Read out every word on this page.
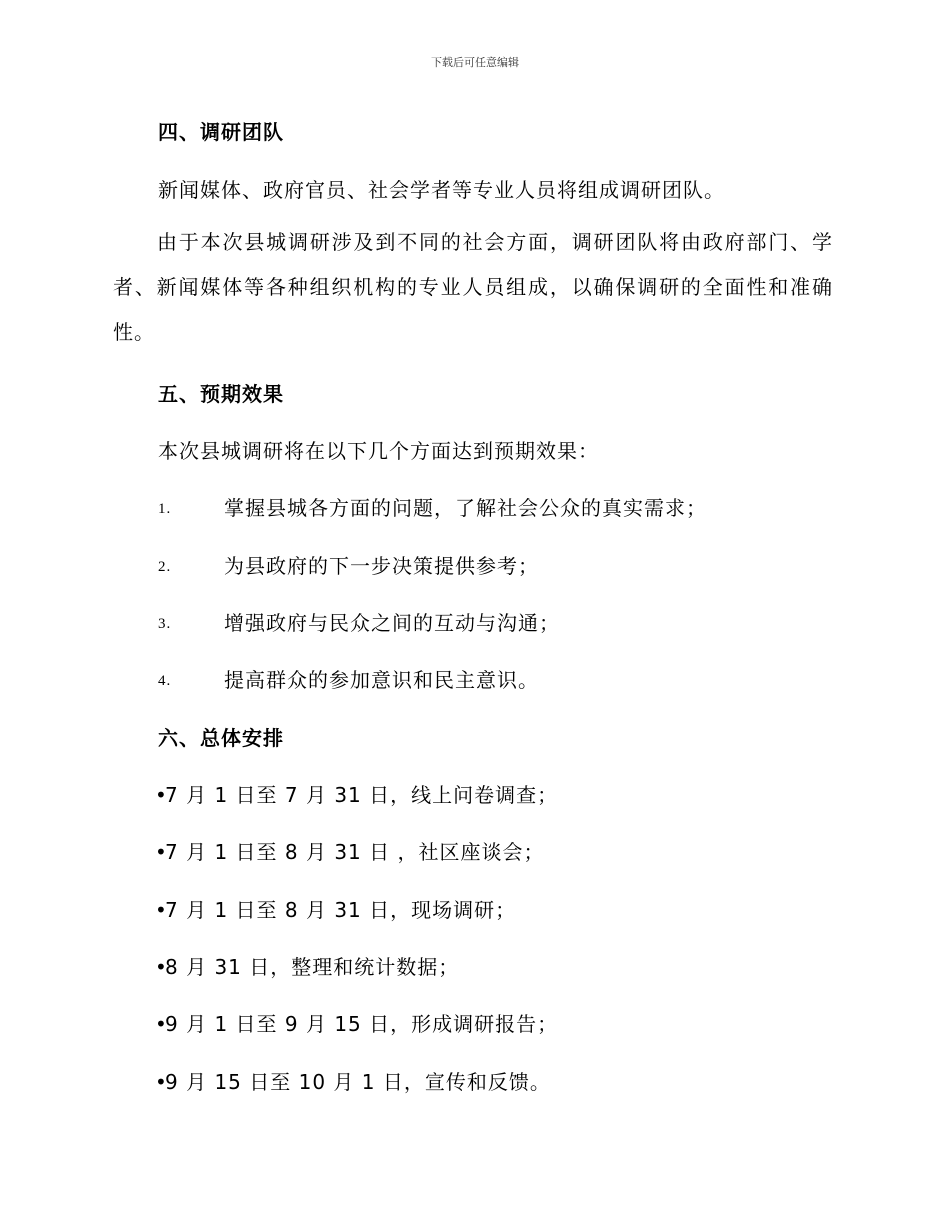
下载后可任意编辑
四、调研团队
新闻媒体、政府官员、社会学者等专业人员将组成调研团队。
由于本次县城调研涉及到不同的社会方面，调研团队将由政府部门、学者、新闻媒体等各种组织机构的专业人员组成，以确保调研的全面性和准确性。
五、预期效果
本次县城调研将在以下几个方面达到预期效果：
1.	掌握县城各方面的问题，了解社会公众的真实需求；
2.	为县政府的下一步决策提供参考；
3.	增强政府与民众之间的互动与沟通；
4.	提高群众的参加意识和民主意识。
六、总体安排
•7 月 1 日至 7 月 31 日，线上问卷调查；
•7 月 1 日至 8 月 31 日 ，社区座谈会；
•7 月 1 日至 8 月 31 日，现场调研；
•8 月 31 日，整理和统计数据；
•9 月 1 日至 9 月 15 日，形成调研报告；
•9 月 15 日至 10 月 1 日，宣传和反馈。
